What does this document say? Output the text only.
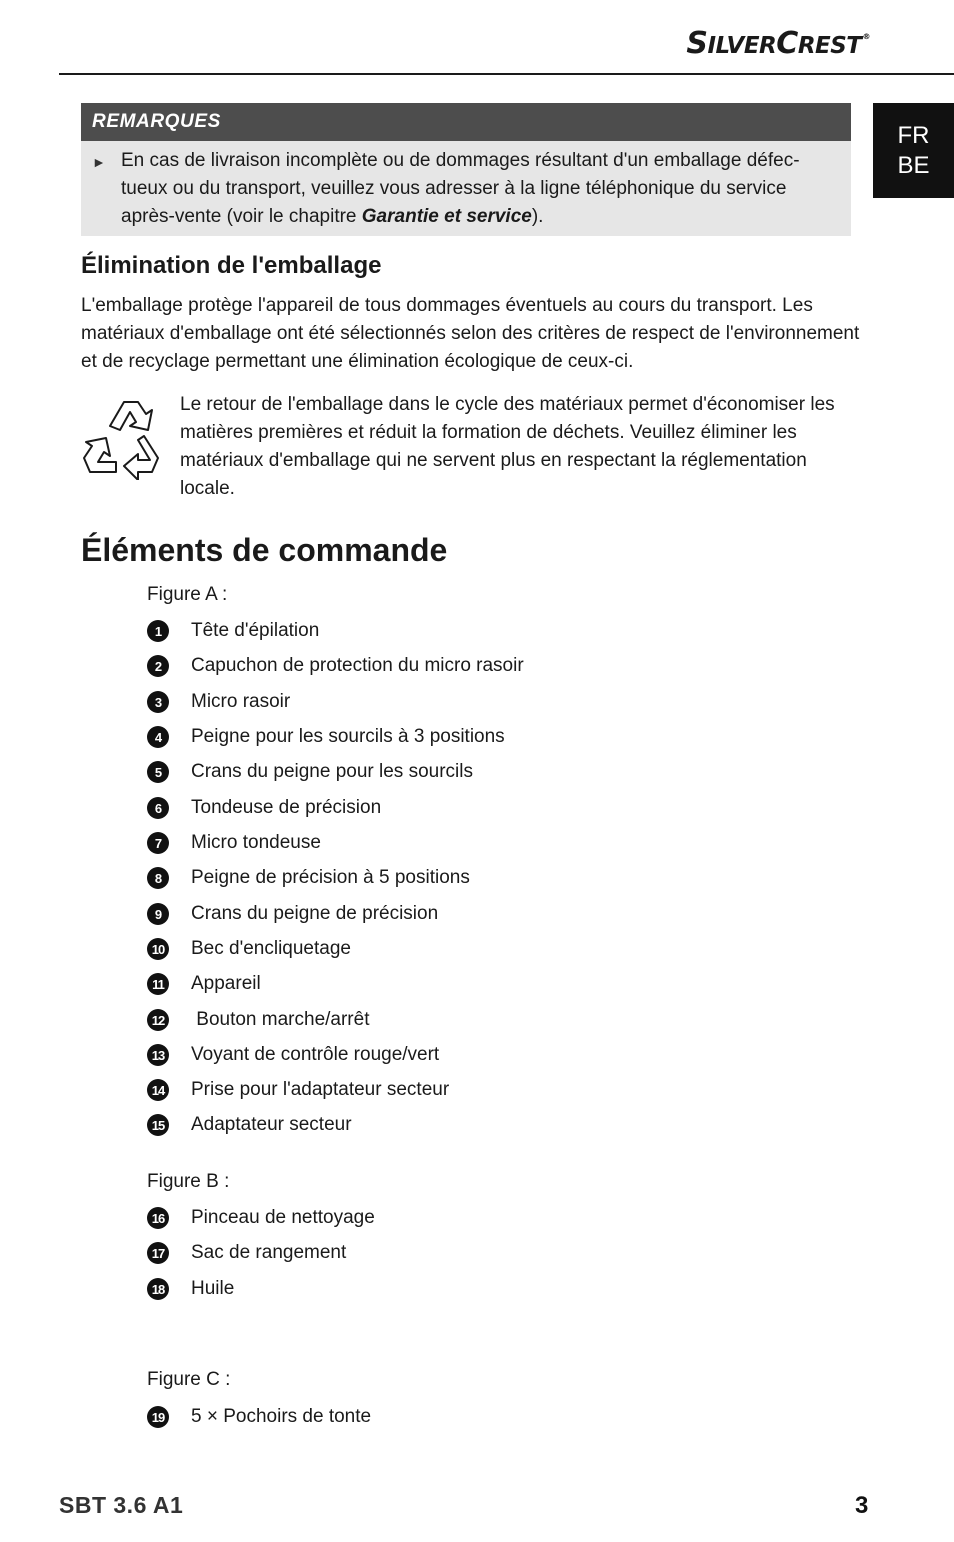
SILVERCREST®
FR
BE
REMARQUES
► En cas de livraison incomplète ou de dommages résultant d'un emballage défec-tueux ou du transport, veuillez vous adresser à la ligne téléphonique du service après-vente (voir le chapitre Garantie et service).
Élimination de l'emballage

L'emballage protège l'appareil de tous dommages éventuels au cours du transport. Les matériaux d'emballage ont été sélectionnés selon des critères de respect de l'environnement et de recyclage permettant une élimination écologique de ceux-ci.

Le retour de l'emballage dans le cycle des matériaux permet d'économiser les matières premières et réduit la formation de déchets. Veuillez éliminer les matériaux d'emballage qui ne servent plus en respectant la réglementation locale.

Éléments de commande
Figure A :
1	Tête d'épilation
2	Capuchon de protection du micro rasoir
3	Micro rasoir
4	Peigne pour les sourcils à 3 positions
5	Crans du peigne pour les sourcils
6	Tondeuse de précision
7	Micro tondeuse
8	Peigne de précision à 5 positions
9	Crans du peigne de précision
10 Bec d'encliquetage
11 Appareil
12 Bouton marche/arrêt
13 Voyant de contrôle rouge/vert
14 Prise pour l'adaptateur secteur
15 Adaptateur secteur
Figure B :
16 Pinceau de nettoyage
17 Sac de rangement
18 Huile
Figure C :
19 5 × Pochoirs de tonte
SBT 3.6 A1	3
